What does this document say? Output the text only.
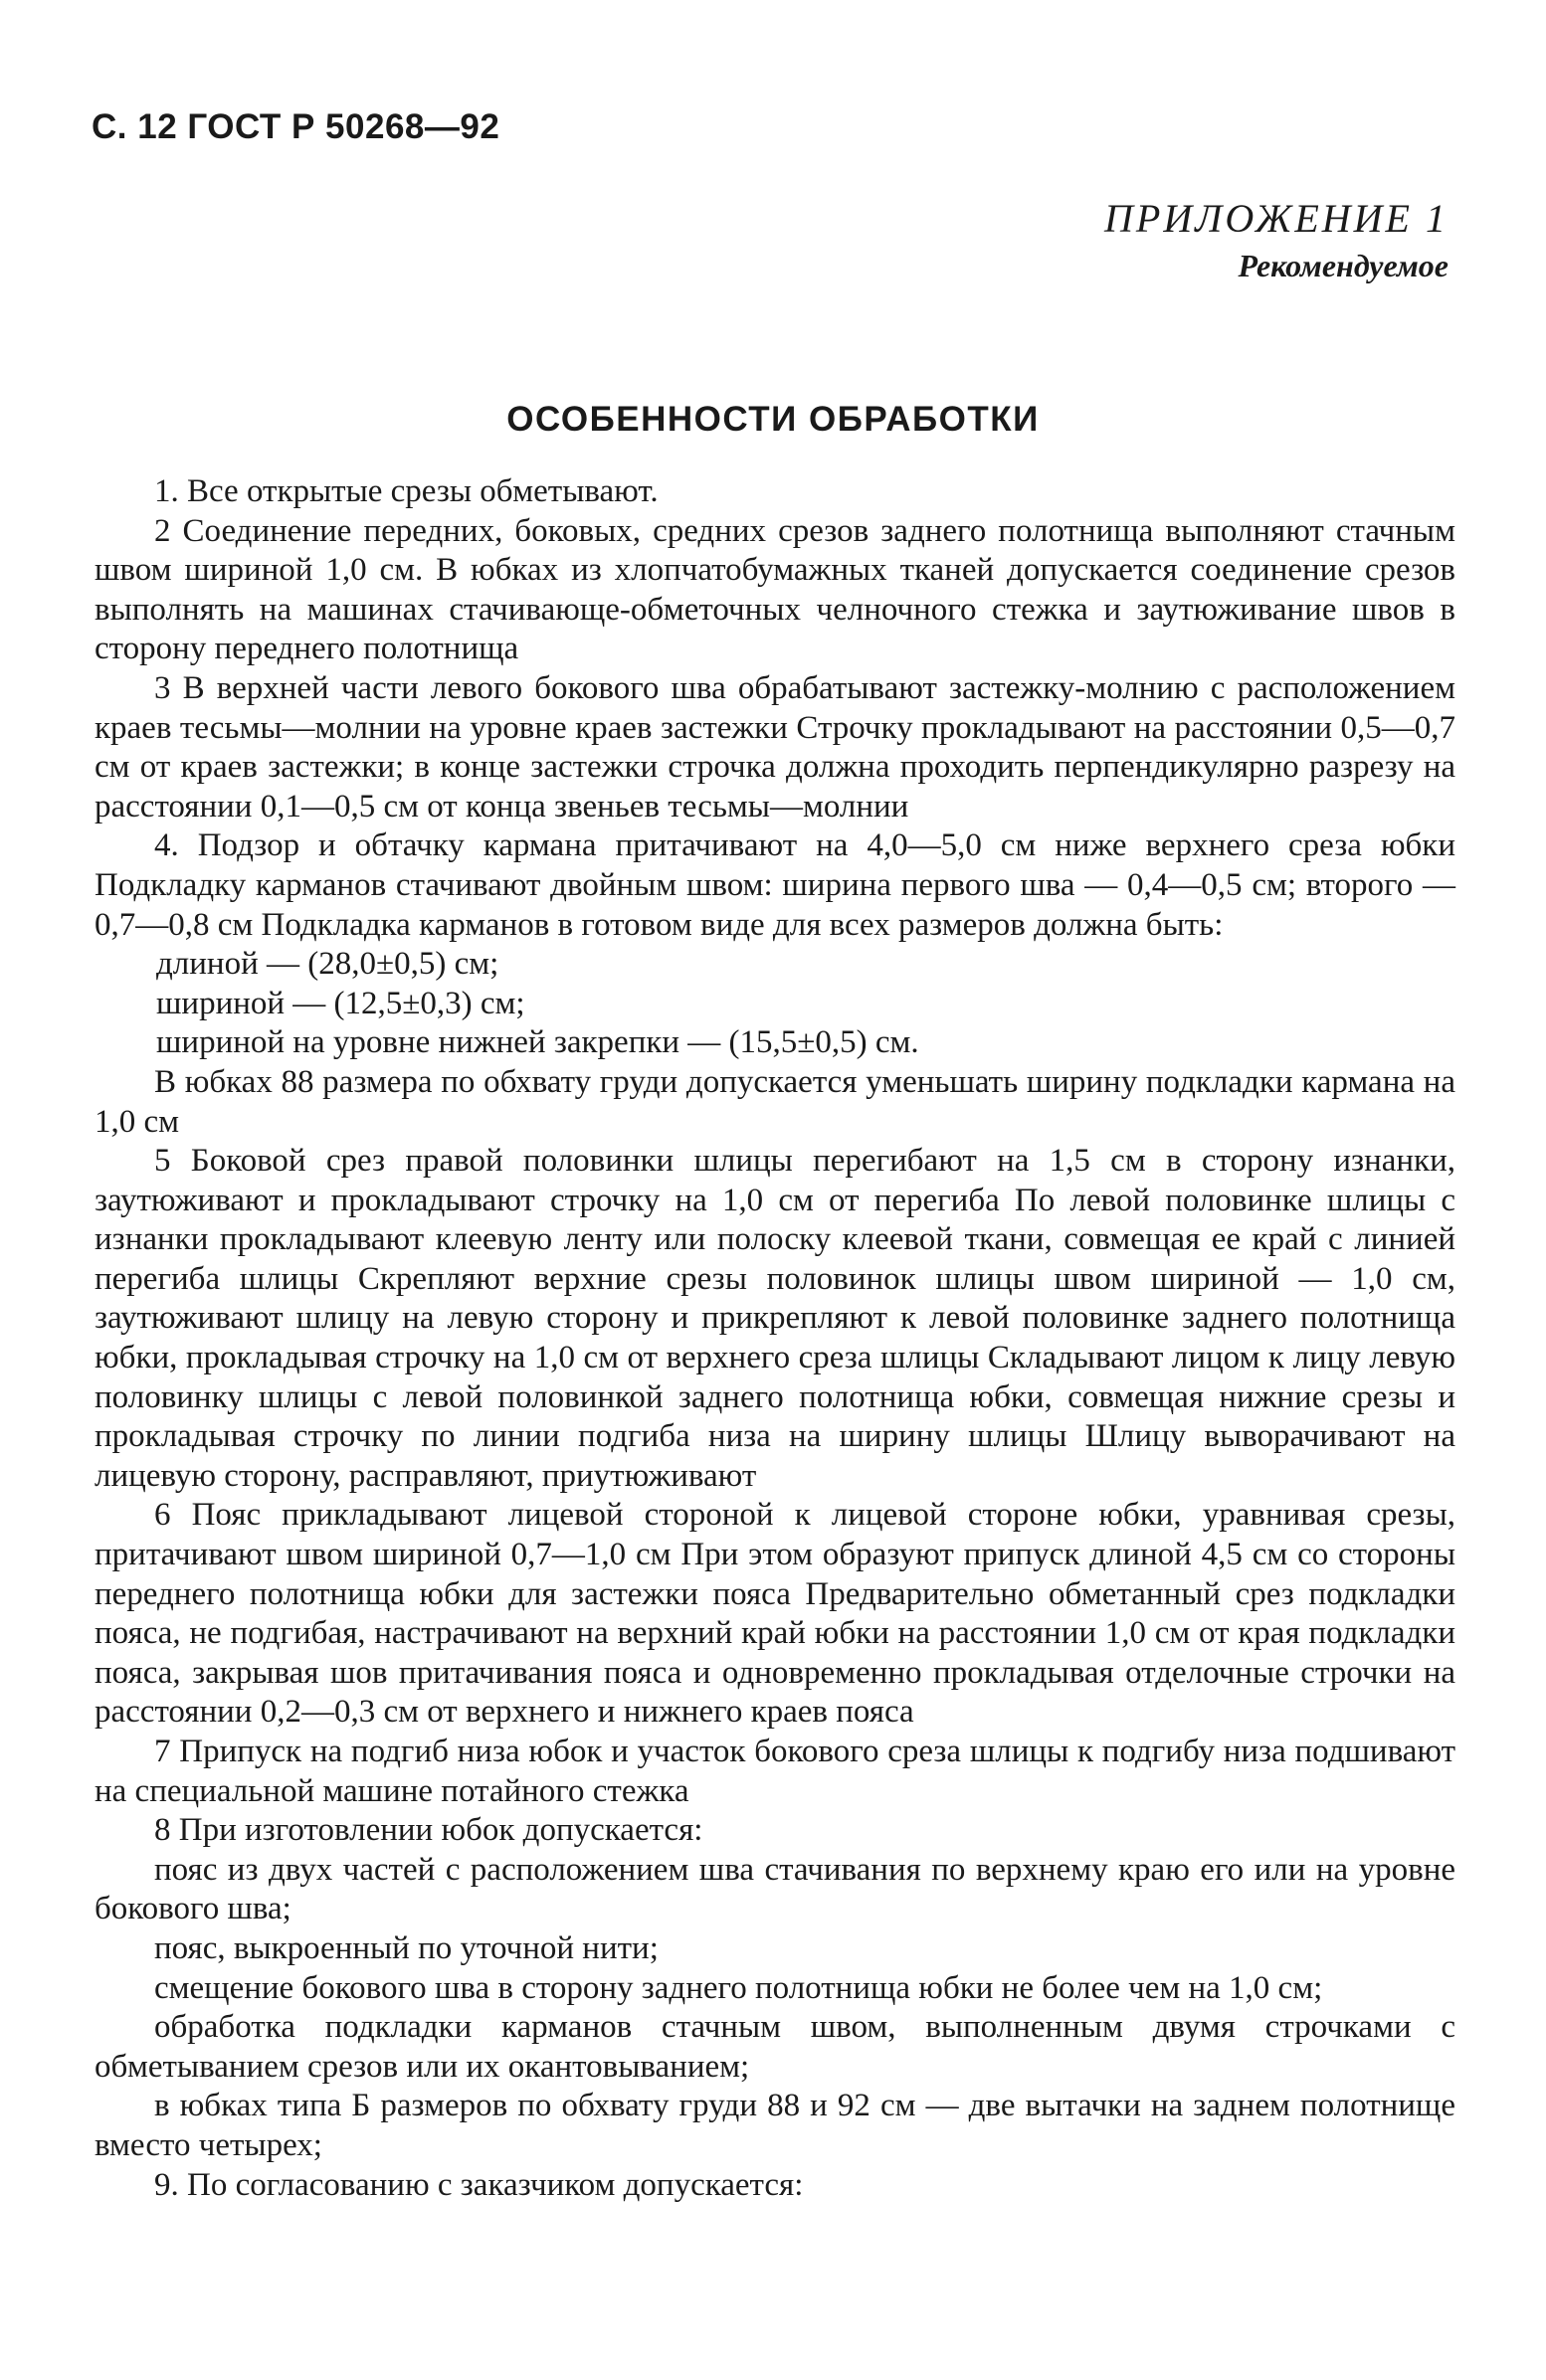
С. 12 ГОСТ Р 50268—92
ПРИЛОЖЕНИЕ 1
Рекомендуемое
ОСОБЕННОСТИ ОБРАБОТКИ

1. Все открытые срезы обметывают.

2 Соединение передних, боковых, средних срезов заднего полотнища выполняют стачным швом шириной 1,0 см. В юбках из хлопчатобумажных тканей допускается соединение срезов выполнять на машинах стачивающе-обметочных челночного стежка и заутюживание швов в сторону переднего полотнища

3 В верхней части левого бокового шва обрабатывают застежку-молнию с расположением краев тесьмы—молнии на уровне краев застежки Строчку прокладывают на расстоянии 0,5—0,7 см от краев застежки; в конце застежки строчка должна проходить перпендикулярно разрезу на расстоянии 0,1—0,5 см от конца звеньев тесьмы—молнии

4. Подзор и обтачку кармана притачивают на 4,0—5,0 см ниже верхнего среза юбки Подкладку карманов стачивают двойным швом: ширина первого шва — 0,4—0,5 см; второго — 0,7—0,8 см Подкладка карманов в готовом виде для всех размеров должна быть:

длиной — (28,0±0,5) см;

шириной — (12,5±0,3) см;

шириной на уровне нижней закрепки — (15,5±0,5) см.

В юбках 88 размера по обхвату груди допускается уменьшать ширину подкладки кармана на 1,0 см

5 Боковой срез правой половинки шлицы перегибают на 1,5 см в сторону изнанки, заутюживают и прокладывают строчку на 1,0 см от перегиба По левой половинке шлицы с изнанки прокладывают клеевую ленту или полоску клеевой ткани, совмещая ее край с линией перегиба шлицы Скрепляют верхние срезы половинок шлицы швом шириной — 1,0 см, заутюживают шлицу на левую сторону и прикрепляют к левой половинке заднего полотнища юбки, прокладывая строчку на 1,0 см от верхнего среза шлицы Складывают лицом к лицу левую половинку шлицы с левой половинкой заднего полотнища юбки, совмещая нижние срезы и прокладывая строчку по линии подгиба низа на ширину шлицы Шлицу выворачивают на лицевую сторону, расправляют, приутюживают

6 Пояс прикладывают лицевой стороной к лицевой стороне юбки, уравнивая срезы, притачивают швом шириной 0,7—1,0 см При этом образуют припуск длиной 4,5 см со стороны переднего полотнища юбки для застежки пояса Предварительно обметанный срез подкладки пояса, не подгибая, настрачивают на верхний край юбки на расстоянии 1,0 см от края подкладки пояса, закрывая шов притачивания пояса и одновременно прокладывая отделочные строчки на расстоянии 0,2—0,3 см от верхнего и нижнего краев пояса

7 Припуск на подгиб низа юбок и участок бокового среза шлицы к подгибу низа подшивают на специальной машине потайного стежка

8 При изготовлении юбок допускается:

пояс из двух частей с расположением шва стачивания по верхнему краю его или на уровне бокового шва;

пояс, выкроенный по уточной нити;

смещение бокового шва в сторону заднего полотнища юбки не более чем на 1,0 см;

обработка подкладки карманов стачным швом, выполненным двумя строчками с обметыванием срезов или их окантовыванием;

в юбках типа Б размеров по обхвату груди 88 и 92 см — две вытачки на заднем полотнище вместо четырех;

9. По согласованию с заказчиком допускается:
